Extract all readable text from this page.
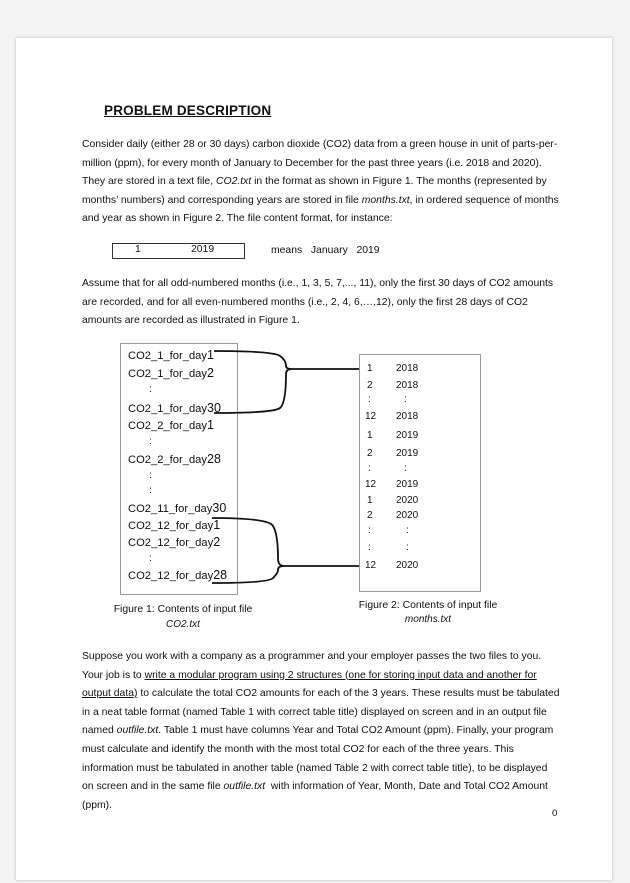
PROBLEM DESCRIPTION

Consider daily (either 28 or 30 days) carbon dioxide (CO2) data from a green house in unit of parts-per-million (ppm), for every month of January to December for the past three years (i.e. 2018 and 2020). They are stored in a text file, CO2.txt in the format as shown in Figure 1. The months (represented by months’ numbers) and corresponding years are stored in file months.txt, in ordered sequence of months and year as shown in Figure 2. The file content format, for instance:

1	2019	means   January   2019

Assume that for all odd-numbered months (i.e., 1, 3, 5, 7,..., 11), only the first 30 days of CO2 amounts are recorded, and for all even-numbered months (i.e., 2, 4, 6,…,12), only the first 28 days of CO2 amounts are recorded as illustrated in Figure 1.

CO2_1_for_day1
CO2_1_for_day2
:
CO2_1_for_day30
CO2_2_for_day1
:
CO2_2_for_day28
:
:
CO2_11_for_day30
CO2_12_for_day1
CO2_12_for_day2
:
CO2_12_for_day28
1 2018
2 2018
:	:
12 2018
1 2019
2 2019
:	:
12 2019
1 2020
2 2020
:	:
:	:
12 2020
Figure 1: Contents of input file
CO2.txt
Figure 2: Contents of input file
months.txt

Suppose you work with a company as a programmer and your employer passes the two files to you. Your job is to write a modular program using 2 structures (one for storing input data and another for output data) to calculate the total CO2 amounts for each of the 3 years. These results must be tabulated in a neat table format (named Table 1 with correct table title) displayed on screen and in an output file named outfile.txt. Table 1 must have columns Year and Total CO2 Amount (ppm). Finally, your program must calculate and identify the month with the most total CO2 for each of the three years. This information must be tabulated in another table (named Table 2 with correct table title), to be displayed on screen and in the same file outfile.txt  with information of Year, Month, Date and Total CO2 Amount (ppm).

0
